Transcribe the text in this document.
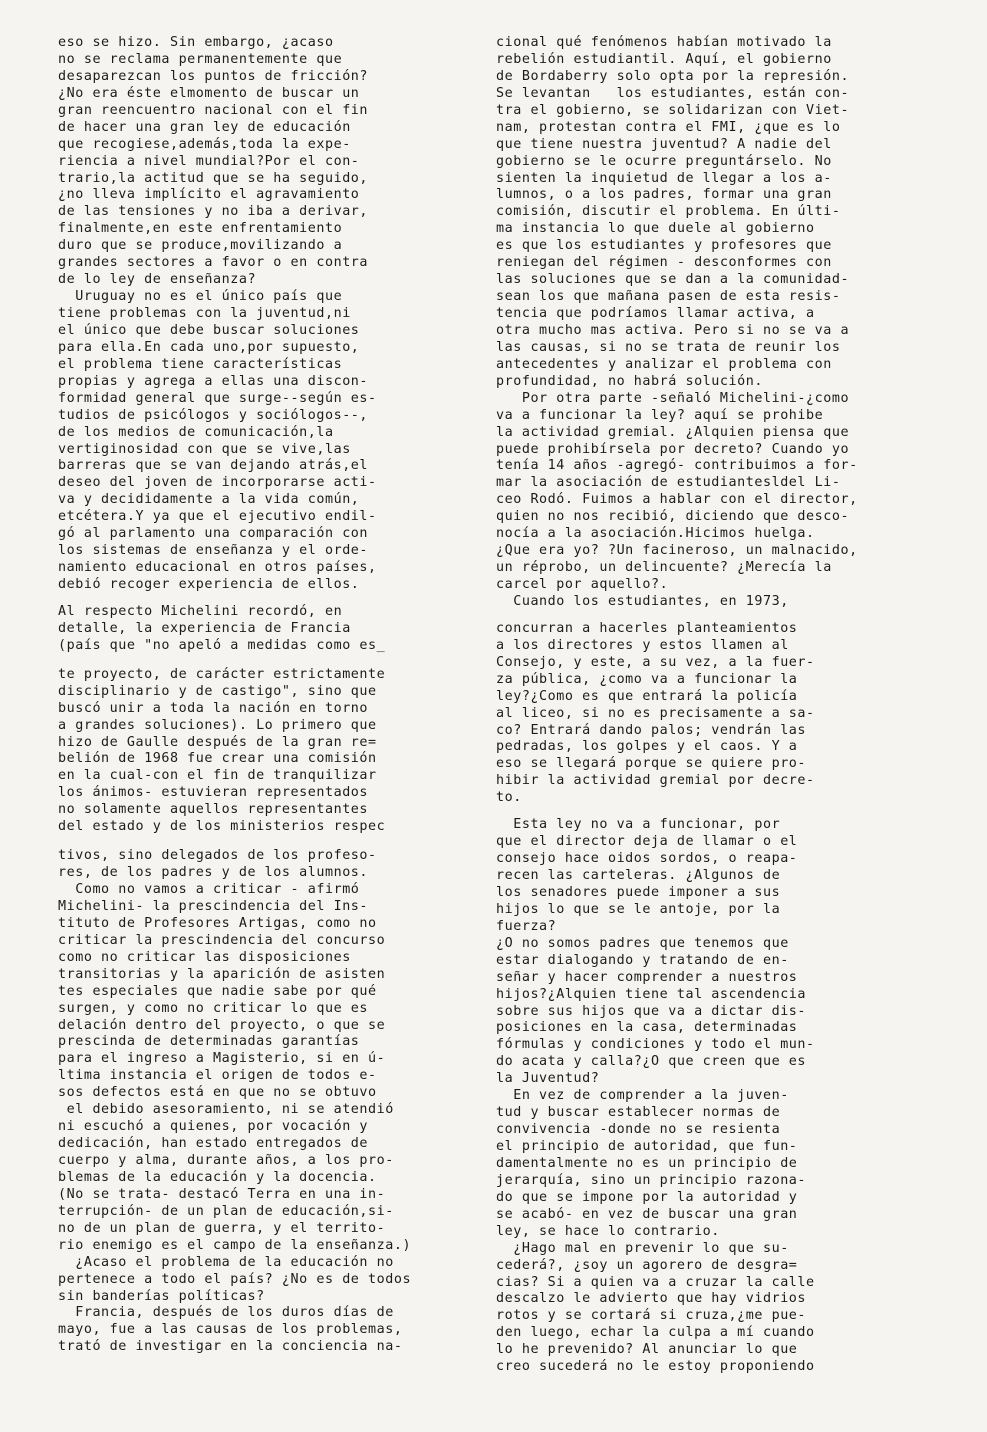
eso se hizo. Sin embargo, ¿acaso
no se reclama permanentemente que
desaparezcan los puntos de fricción?
¿No era éste elmomento de buscar un
gran reencuentro nacional con el fin
de hacer una gran ley de educación
que recogiese,además,toda la expe-
riencia a nivel mundial?Por el con-
trario,la actitud que se ha seguido,
¿no lleva implícito el agravamiento
de las tensiones y no iba a derivar,
finalmente,en este enfrentamiento
duro que se produce,movilizando a
grandes sectores a favor o en contra
de lo ley de enseñanza?
Uruguay no es el único país que
tiene problemas con la juventud,ni
el único que debe buscar soluciones
para ella.En cada uno,por supuesto,
el problema tiene características
propias y agrega a ellas una discon-
formidad general que surge--según es-
tudios de psicólogos y sociólogos--,
de los medios de comunicación,la
vertiginosidad con que se vive,las
barreras que se van dejando atrás,el
deseo del joven de incorporarse acti-
va y decididamente a la vida común,
etcétera.Y ya que el ejecutivo endil-
gó al parlamento una comparación con
los sistemas de enseñanza y el orde-
namiento educacional en otros países,
debió recoger experiencia de ellos.
Al respecto Michelini recordó, en
detalle, la experiencia de Francia
(país que "no apeló a medidas como es_
te proyecto, de carácter estrictamente
disciplinario y de castigo", sino que
buscó unir a toda la nación en torno
a grandes soluciones). Lo primero que
hizo de Gaulle después de la gran re=
belión de 1968 fue crear una comisión
en la cual-con el fin de tranquilizar
los ánimos- estuvieran representados
no solamente aquellos representantes
del estado y de los ministerios respec
tivos, sino delegados de los profeso-
res, de los padres y de los alumnos.
Como no vamos a criticar - afirmó
Michelini- la prescindencia del Ins-
tituto de Profesores Artigas, como no
criticar la prescindencia del concurso
como no criticar las disposiciones
transitorias y la aparición de asisten
tes especiales que nadie sabe por qué
surgen, y como no criticar lo que es
delación dentro del proyecto, o que se
prescinda de determinadas garantías
para el ingreso a Magisterio, si en ú-
ltima instancia el origen de todos e-
sos defectos está en que no se obtuvo
el debido asesoramiento, ni se atendió
ni escuchó a quienes, por vocación y
dedicación, han estado entregados de
cuerpo y alma, durante años, a los pro-
blemas de la educación y la docencia.
(No se trata- destacó Terra en una in-
terrupción- de un plan de educación,si-
no de un plan de guerra, y el territo-
rio enemigo es el campo de la enseñanza.)
¿Acaso el problema de la educación no
pertenece a todo el país? ¿No es de todos
sin banderías políticas?
Francia, después de los duros días de
mayo, fue a las causas de los problemas,
trató de investigar en la conciencia na-
cional qué fenómenos habían motivado la
rebelión estudiantil. Aquí, el gobierno
de Bordaberry solo opta por la represión.
Se levantan   los estudiantes, están con-
tra el gobierno, se solidarizan con Viet-
nam, protestan contra el FMI, ¿que es lo
que tiene nuestra juventud? A nadie del
gobierno se le ocurre preguntárselo. No
sienten la inquietud de llegar a los a-
lumnos, o a los padres, formar una gran
comisión, discutir el problema. En últi-
ma instancia lo que duele al gobierno
es que los estudiantes y profesores que
reniegan del régimen - desconformes con
las soluciones que se dan a la comunidad-
sean los que mañana pasen de esta resis-
tencia que podríamos llamar activa, a
otra mucho mas activa. Pero si no se va a
las causas, si no se trata de reunir los
antecedentes y analizar el problema con
profundidad, no habrá solución.
Por otra parte -señaló Michelini-¿como
va a funcionar la ley? aquí se prohibe
la actividad gremial. ¿Alquien piensa que
puede prohibírsela por decreto? Cuando yo
tenía 14 años -agregó- contribuimos a for-
mar la asociación de estudiantesldel Li-
ceo Rodó. Fuimos a hablar con el director,
quien no nos recibió, diciendo que desco-
nocía a la asociación.Hicimos huelga.
¿Que era yo? ?Un facineroso, un malnacido,
un réprobo, un delincuente? ¿Merecía la
carcel por aquello?.
Cuando los estudiantes, en 1973,
concurran a hacerles planteamientos
a los directores y estos llamen al
Consejo, y este, a su vez, a la fuer-
za pública, ¿como va a funcionar la
ley?¿Como es que entrará la policía
al liceo, si no es precisamente a sa-
co? Entrará dando palos; vendrán las
pedradas, los golpes y el caos. Y a
eso se llegará porque se quiere pro-
hibir la actividad gremial por decre-
to.
Esta ley no va a funcionar, por
que el director deja de llamar o el
consejo hace oidos sordos, o reapa-
recen las carteleras. ¿Algunos de
los senadores puede imponer a sus
hijos lo que se le antoje, por la
fuerza?
¿O no somos padres que tenemos que
estar dialogando y tratando de en-
señar y hacer comprender a nuestros
hijos?¿Alquien tiene tal ascendencia
sobre sus hijos que va a dictar dis-
posiciones en la casa, determinadas
fórmulas y condiciones y todo el mun-
do acata y calla?¿O que creen que es
la Juventud?
En vez de comprender a la juven-
tud y buscar establecer normas de
convivencia -donde no se resienta
el principio de autoridad, que fun-
damentalmente no es un principio de
jerarquía, sino un principio razona-
do que se impone por la autoridad y
se acabó- en vez de buscar una gran
ley, se hace lo contrario.
¿Hago mal en prevenir lo que su-
cederá?, ¿soy un agorero de desgra=
cias? Si a quien va a cruzar la calle
descalzo le advierto que hay vidrios
rotos y se cortará si cruza,¿me pue-
den luego, echar la culpa a mí cuando
lo he prevenido? Al anunciar lo que
creo sucederá no le estoy proponiendo
